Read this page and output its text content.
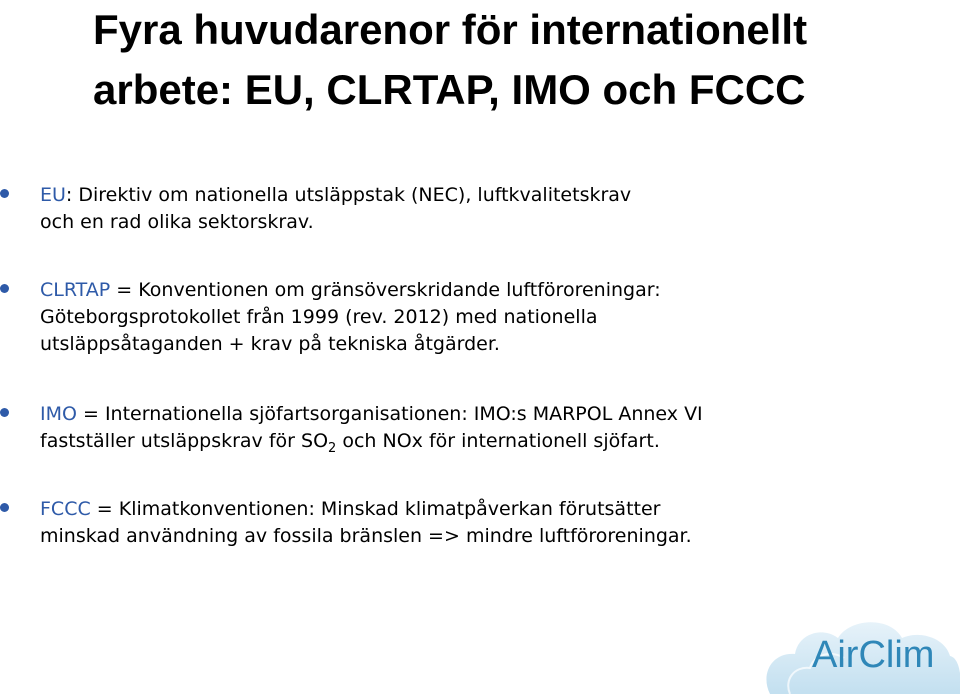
Fyra huvudarenor för internationellt
arbete: EU, CLRTAP, IMO och FCCC
EU: Direktiv om nationella utsläppstak (NEC), luftkvalitetskrav
och en rad olika sektorskrav.
CLRTAP = Konventionen om gränsöverskridande luftföroreningar:
Göteborgsprotokollet från 1999 (rev. 2012) med nationella
utsläppsåtaganden + krav på tekniska åtgärder.
IMO = Internationella sjöfartsorganisationen: IMO:s MARPOL Annex VI
fastställer utsläppskrav för $SO_2$ och NOx för internationell sjöfart.
FCCC = Klimatkonventionen: Minskad klimatpåverkan förutsätter
minskad användning av fossila bränslen => mindre luftföroreningar.
AirClim
